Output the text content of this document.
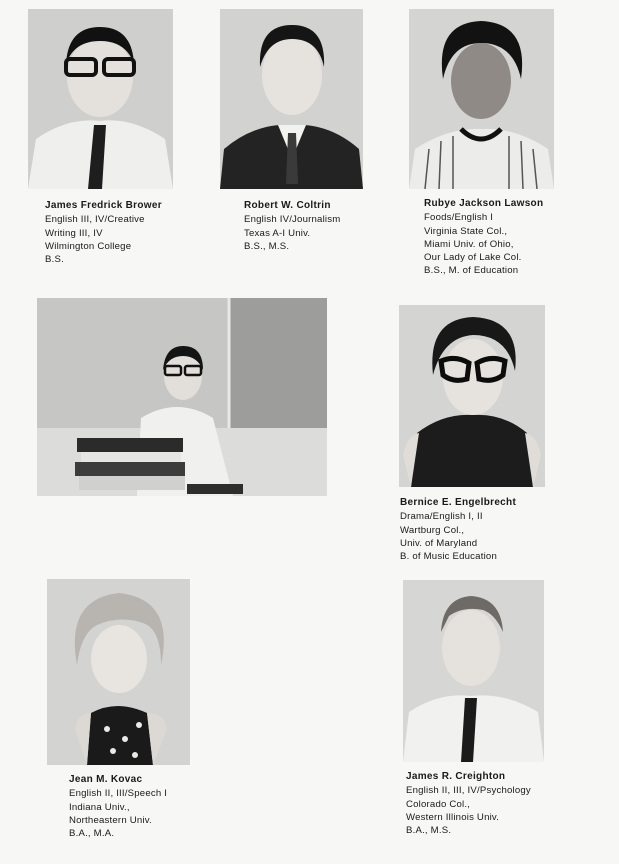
James Fredrick Brower
English III, IV/Creative
Writing III, IV
Wilmington College
B.S.
Robert W. Coltrin
English IV/Journalism
Texas A-I Univ.
B.S., M.S.
Rubye Jackson Lawson
Foods/English I
Virginia State Col.,
Miami Univ. of Ohio,
Our Lady of Lake Col.
B.S., M. of Education
Bernice E. Engelbrecht
Drama/English I, II
Wartburg Col.,
Univ. of Maryland
B. of Music Education
Jean M. Kovac
English II, III/Speech I
Indiana Univ.,
Northeastern Univ.
B.A., M.A.
James R. Creighton
English II, III, IV/Psychology
Colorado Col.,
Western Illinois Univ.
B.A., M.S.
